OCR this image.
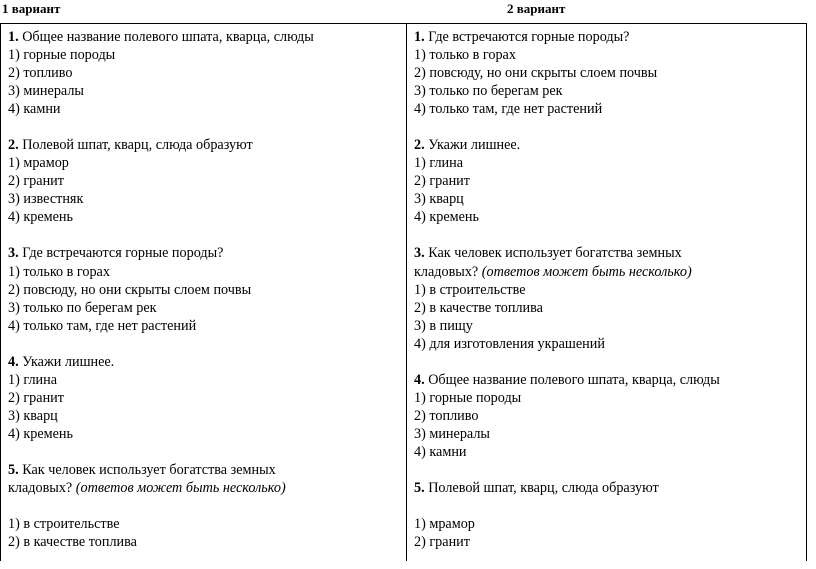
1 вариант	2 вариант

1. Общее название полевого шпата, кварца, слюды

1) горные породы

2) топливо

3) минералы

4) камни

2. Полевой шпат, кварц, слюда образуют

1) мрамор

2) гранит

3) известняк

4) кремень

3. Где встречаются горные породы?

1) только в горах

2) повсюду, но они скрыты слоем почвы

3) только по берегам рек

4) только там, где нет растений

4. Укажи лишнее.

1) глина

2) гранит

3) кварц

4) кремень

5. Как человек использует богатства земных

кладовых? (ответов может быть несколько)

1) в строительстве

2) в качестве топлива

1. Где встречаются горные породы?

1) только в горах

2) повсюду, но они скрыты слоем почвы

3) только по берегам рек

4) только там, где нет растений

2. Укажи лишнее.

1) глина

2) гранит

3) кварц

4) кремень

3. Как человек использует богатства земных

кладовых? (ответов может быть несколько)

1) в строительстве

2) в качестве топлива

3) в пищу

4) для изготовления украшений

4. Общее название полевого шпата, кварца, слюды

1) горные породы

2) топливо

3) минералы

4) камни

5. Полевой шпат, кварц, слюда образуют

1) мрамор

2) гранит
